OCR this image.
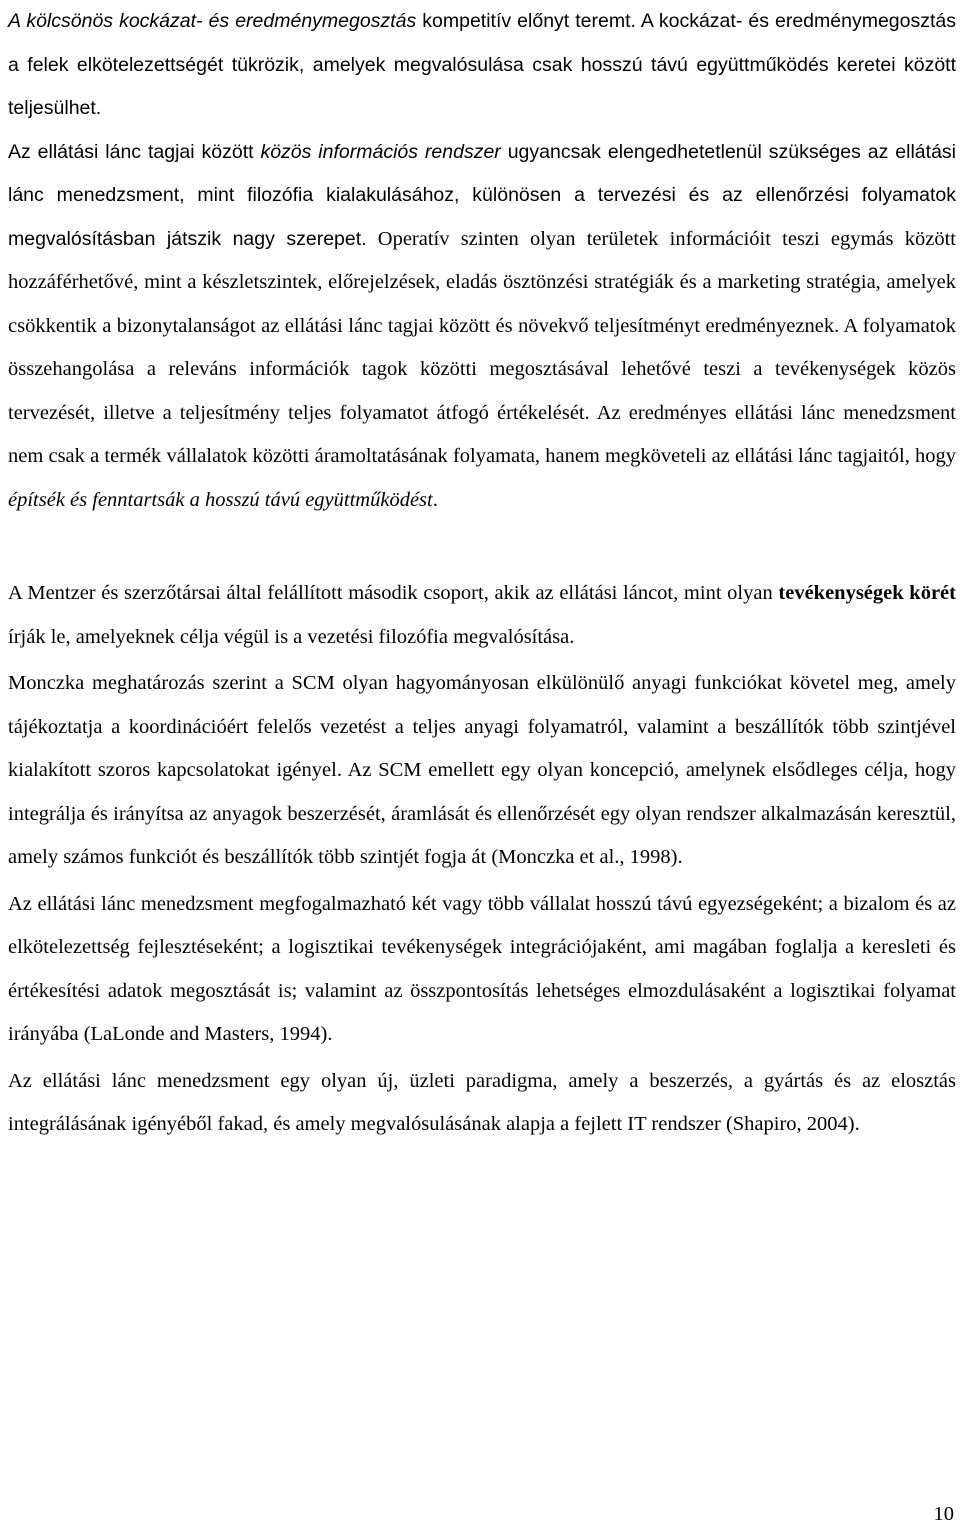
A kölcsönös kockázat- és eredménymegosztás kompetitív előnyt teremt. A kockázat- és eredménymegosztás a felek elkötelezettségét tükrözik, amelyek megvalósulása csak hosszú távú együttműködés keretei között teljesülhet.

Az ellátási lánc tagjai között közös információs rendszer ugyancsak elengedhetetlenül szükséges az ellátási lánc menedzsment, mint filozófia kialakulásához, különösen a tervezési és az ellenőrzési folyamatok megvalósításban játszik nagy szerepet. Operatív szinten olyan területek információit teszi egymás között hozzáférhetővé, mint a készletszintek, előrejelzések, eladás ösztönzési stratégiák és a marketing stratégia, amelyek csökkentik a bizonytalanságot az ellátási lánc tagjai között és növekvő teljesítményt eredményeznek. A folyamatok összehangolása a releváns információk tagok közötti megosztásával lehetővé teszi a tevékenységek közös tervezését, illetve a teljesítmény teljes folyamatot átfogó értékelését. Az eredményes ellátási lánc menedzsment nem csak a termék vállalatok közötti áramoltatásának folyamata, hanem megköveteli az ellátási lánc tagjaitól, hogy építsék és fenntartsák a hosszú távú együttműködést.

A Mentzer és szerzőtársai által felállított második csoport, akik az ellátási láncot, mint olyan tevékenységek körét írják le, amelyeknek célja végül is a vezetési filozófia megvalósítása.

Monczka meghatározás szerint a SCM olyan hagyományosan elkülönülő anyagi funkciókat követel meg, amely tájékoztatja a koordinációért felelős vezetést a teljes anyagi folyamatról, valamint a beszállítók több szintjével kialakított szoros kapcsolatokat igényel. Az SCM emellett egy olyan koncepció, amelynek elsődleges célja, hogy integrálja és irányítsa az anyagok beszerzését, áramlását és ellenőrzését egy olyan rendszer alkalmazásán keresztül, amely számos funkciót és beszállítók több szintjét fogja át (Monczka et al., 1998).

Az ellátási lánc menedzsment megfogalmazható két vagy több vállalat hosszú távú egyezségeként; a bizalom és az elkötelezettség fejlesztéseként; a logisztikai tevékenységek integrációjaként, ami magában foglalja a keresleti és értékesítési adatok megosztását is; valamint az összpontosítás lehetséges elmozdulásaként a logisztikai folyamat irányába (LaLonde and Masters, 1994).

Az ellátási lánc menedzsment egy olyan új, üzleti paradigma, amely a beszerzés, a gyártás és az elosztás integrálásának igényéből fakad, és amely megvalósulásának alapja a fejlett IT rendszer (Shapiro, 2004).

10
